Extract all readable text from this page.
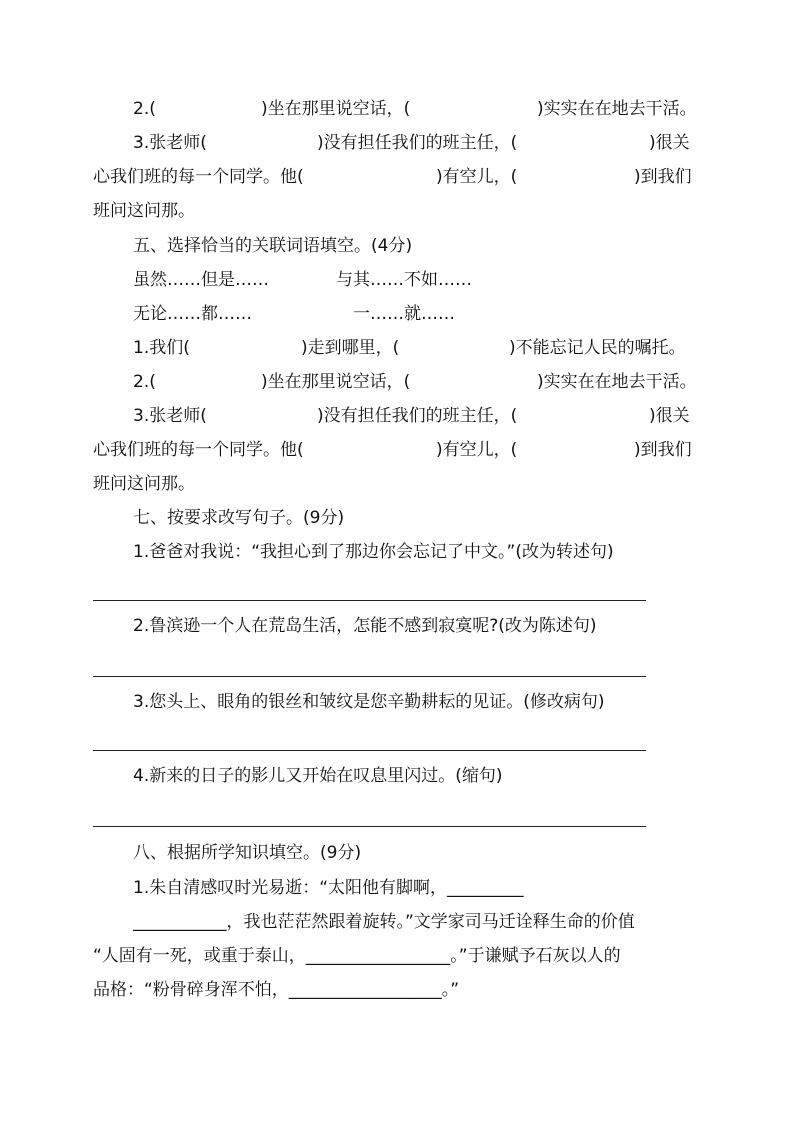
2.(	)坐在那里说空话，(	)实实在在地去干活。
3.张老师(	)没有担任我们的班主任，(	)很关
心我们班的每一个同学。他(	)有空儿，(	)到我们
班问这问那。
五、选择恰当的关联词语填空。(4分)
虽然……但是……	与其……不如……
无论……都……	一……就……
1.我们(	)走到哪里，(	)不能忘记人民的嘱托。
2.(	)坐在那里说空话，(	)实实在在地去干活。
3.张老师(	)没有担任我们的班主任，(	)很关
心我们班的每一个同学。他(	)有空儿，(	)到我们
班问这问那。
七、按要求改写句子。(9分)
1.爸爸对我说：“我担心到了那边你会忘记了中文。”(改为转述句)
2.鲁滨逊一个人在荒岛生活，怎能不感到寂寞呢?(改为陈述句)
3.您头上、眼角的银丝和皱纹是您辛勤耕耘的见证。(修改病句)
4.新来的日子的影儿又开始在叹息里闪过。(缩句)
八、根据所学知识填空。(9分)
1.朱自清感叹时光易逝：“太阳他有脚啊，_________
___________，我也茫茫然跟着旋转。”文学家司马迁诠释生命的价值
“人固有一死，或重于泰山，_________________。”于谦赋予石灰以人的
品格：“粉骨碎身浑不怕，__________________。”
